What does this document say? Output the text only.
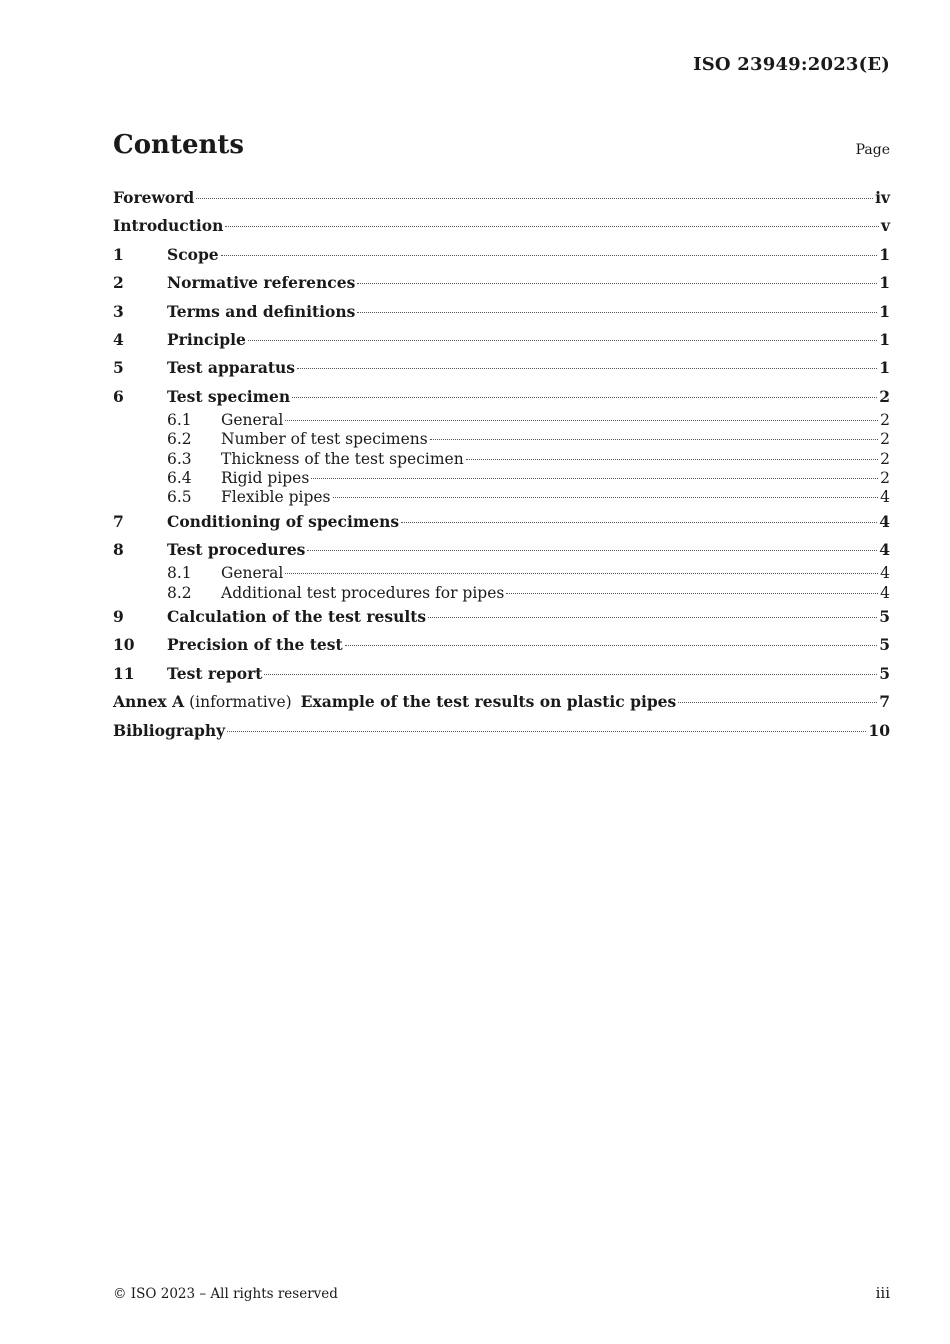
ISO 23949:2023(E)
Contents	Page
Foreword	iv
Introduction	v
1	Scope	1
2	Normative references	1
3	Terms and definitions	1
4	Principle	1
5	Test apparatus	1
6	Test specimen	2
6.1	General	2
6.2	Number of test specimens	2
6.3	Thickness of the test specimen	2
6.4	Rigid pipes	2
6.5	Flexible pipes	4
7	Conditioning of specimens	4
8	Test procedures	4
8.1	General	4
8.2	Additional test procedures for pipes	4
9	Calculation of the test results	5
10	Precision of the test	5
11	Test report	5
Annex A (informative) Example of the test results on plastic pipes	7
Bibliography	10
© ISO 2023 – All rights reserved	iii
